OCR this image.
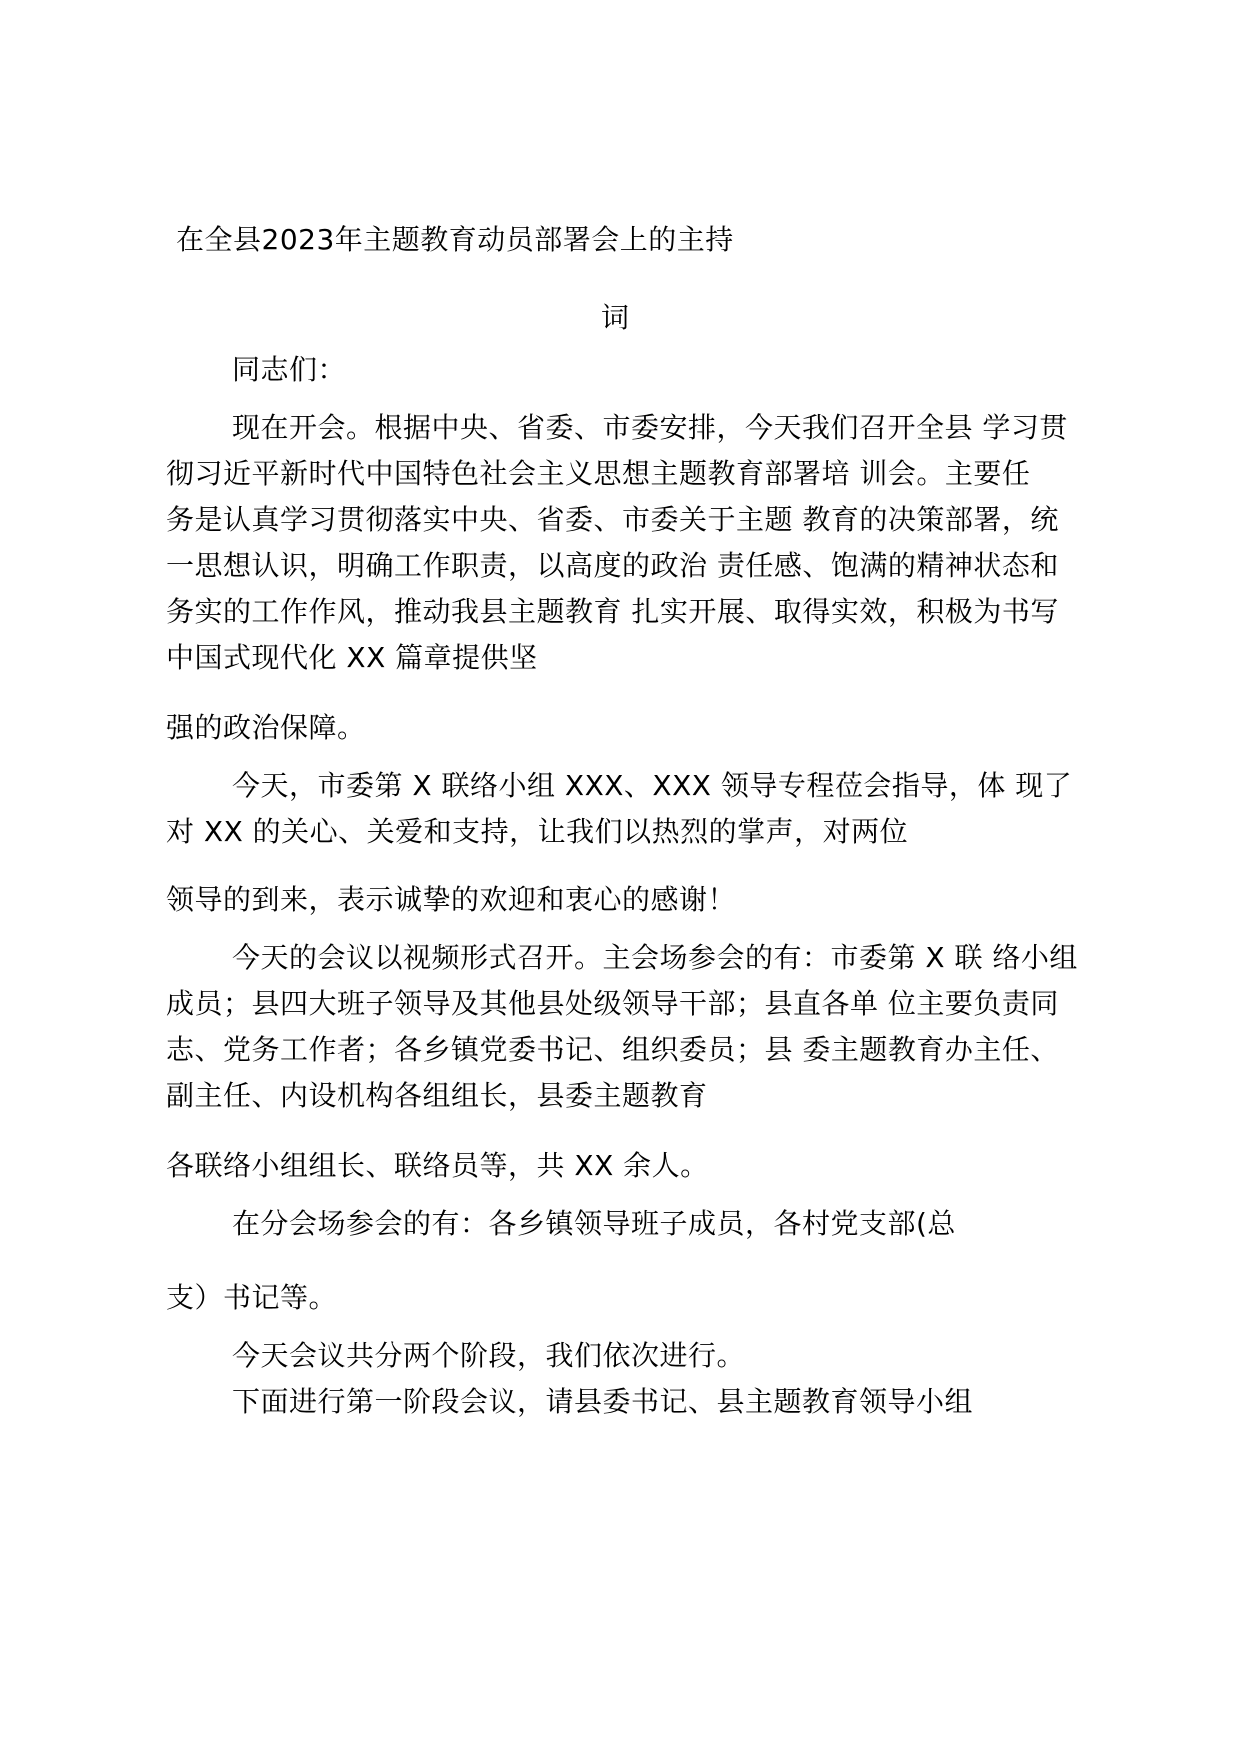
在全县2023年主题教育动员部署会上的主持
词
同志们：
现在开会。根据中央、省委、市委安排，今天我们召开全县 学习贯
彻习近平新时代中国特色社会主义思想主题教育部署培 训会。主要任
务是认真学习贯彻落实中央、省委、市委关于主题 教育的决策部署，统
一思想认识，明确工作职责，以高度的政治 责任感、饱满的精神状态和
务实的工作作风，推动我县主题教育 扎实开展、取得实效，积极为书写
中国式现代化 XX 篇章提供坚
强的政治保障。
今天，市委第 X 联络小组 XXX、XXX 领导专程莅会指导，体 现了
对 XX 的关心、关爱和支持，让我们以热烈的掌声，对两位
领导的到来，表示诚挚的欢迎和衷心的感谢！
今天的会议以视频形式召开。主会场参会的有：市委第 X 联 络小组
成员；县四大班子领导及其他县处级领导干部；县直各单 位主要负责同
志、党务工作者；各乡镇党委书记、组织委员；县 委主题教育办主任、
副主任、内设机构各组组长，县委主题教育
各联络小组组长、联络员等，共 XX 余人。
在分会场参会的有：各乡镇领导班子成员，各村党支部(总
支）书记等。
今天会议共分两个阶段，我们依次进行。
下面进行第一阶段会议，请县委书记、县主题教育领导小组
